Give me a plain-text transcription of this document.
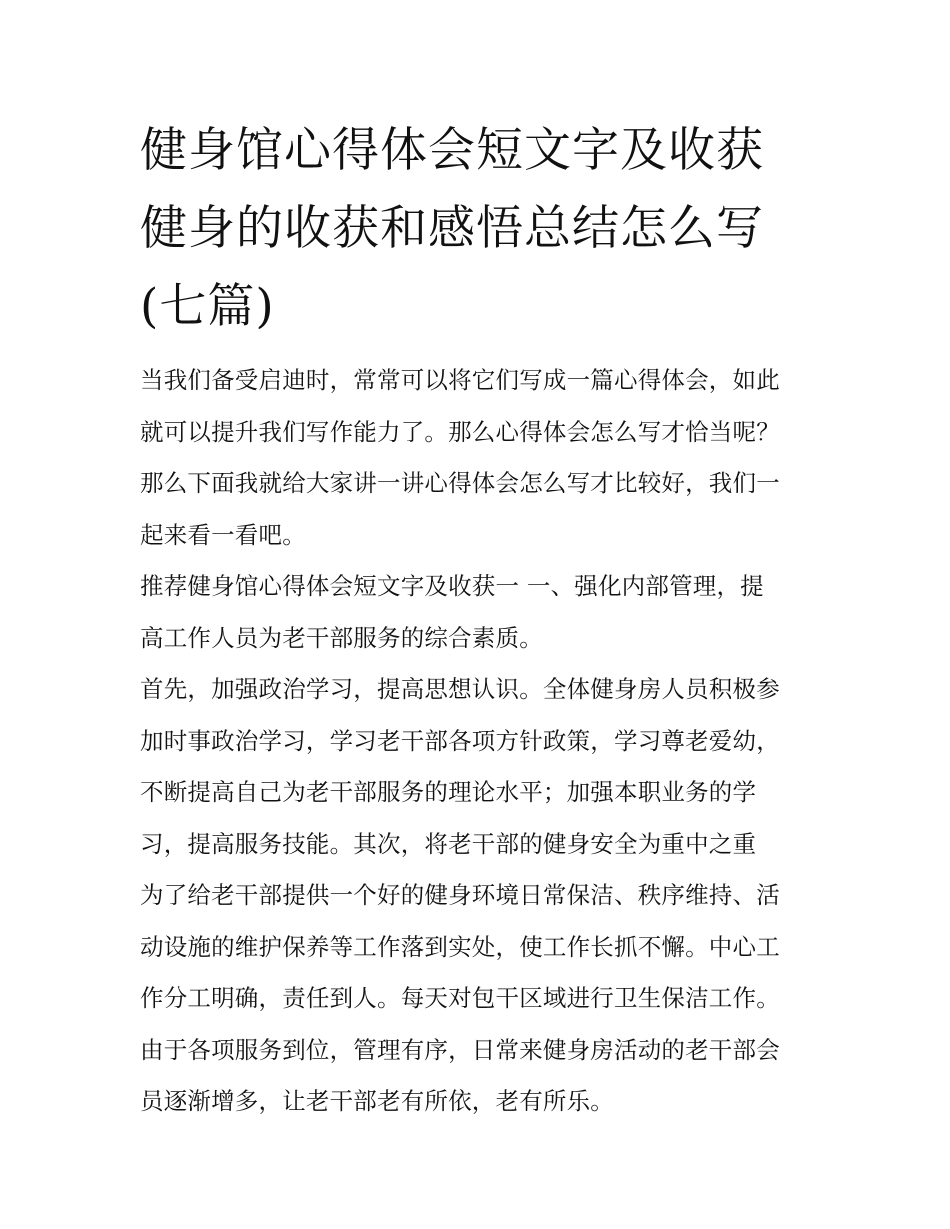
健身馆心得体会短文字及收获
健身的收获和感悟总结怎么写
(七篇)
当我们备受启迪时，常常可以将它们写成一篇心得体会，如此
就可以提升我们写作能力了。那么心得体会怎么写才恰当呢？
那么下面我就给大家讲一讲心得体会怎么写才比较好，我们一
起来看一看吧。
推荐健身馆心得体会短文字及收获一 一、强化内部管理，提
高工作人员为老干部服务的综合素质。
首先，加强政治学习，提高思想认识。全体健身房人员积极参
加时事政治学习，学习老干部各项方针政策，学习尊老爱幼，
不断提高自己为老干部服务的理论水平；加强本职业务的学
习，提高服务技能。其次，将老干部的健身安全为重中之重
为了给老干部提供一个好的健身环境日常保洁、秩序维持、活
动设施的维护保养等工作落到实处，使工作长抓不懈。中心工
作分工明确，责任到人。每天对包干区域进行卫生保洁工作。
由于各项服务到位，管理有序，日常来健身房活动的老干部会
员逐渐增多，让老干部老有所依，老有所乐。
